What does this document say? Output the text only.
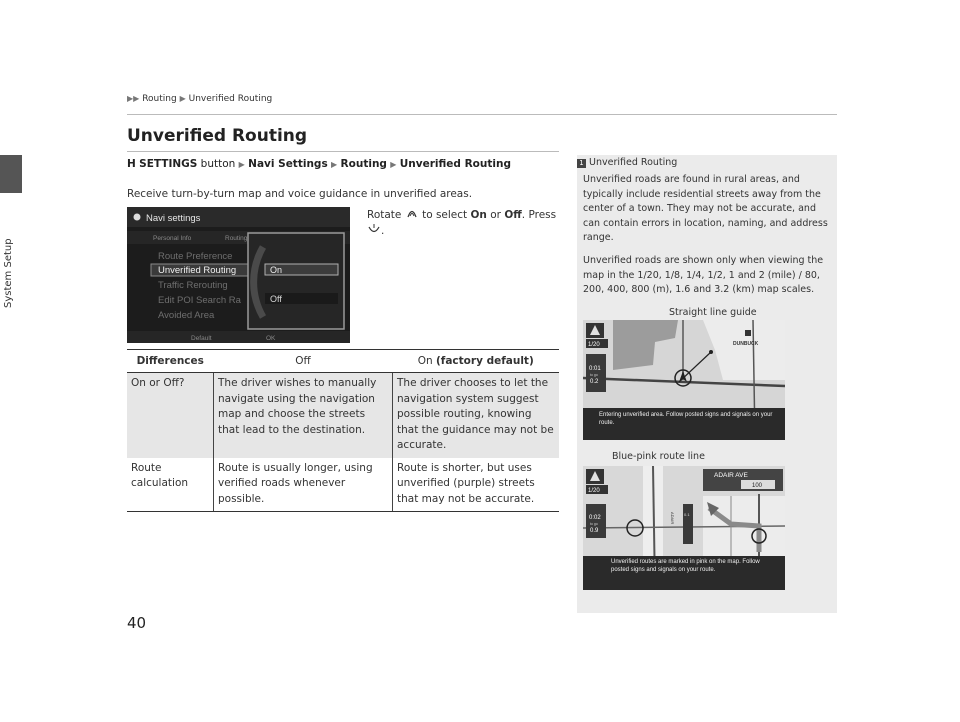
System Setup
▶▶ Routing ▶ Unverified Routing
Unverified Routing
H SETTINGS button ▶ Navi Settings ▶ Routing ▶ Unverified Routing
Receive turn-by-turn map and voice guidance in unverified areas.
Navi settings
Personal Info	Routing
Route Preference
Unverified Routing
Traffic Rerouting
Edit POI Search Ra
Avoided Area
On
Off
Default	OK
Rotate to select On or Off. Press .
Differences	Off	On (factory default)
On or Off?	The driver wishes to manually navigate using the navigation map and choose the streets that lead to the destination.	The driver chooses to let the navigation system suggest possible routing, knowing that the guidance may not be accurate.
Route calculation	Route is usually longer, using verified roads whenever possible.	Route is shorter, but uses unverified (purple) streets that may not be accurate.
1 Unverified Routing

Unverified roads are found in rural areas, and typically include residential streets away from the center of a town. They may not be accurate, and can contain errors in location, naming, and address range.

Unverified roads are shown only when viewing the map in the 1/20, 1/8, 1/4, 1/2, 1 and 2 (mile) / 80, 200, 400, 800 (m), 1.6 and 3.2 (km) map scales.

Straight line guide
DUNBUCK
1/20
0:01
to go
0.2
Entering unverified area. Follow posted signs and signals on your route.
Blue-pink route line
0.1
ADAIR
ADAIR AVE
100
1/20
0:02
to go
0.9
Unverified routes are marked in pink on the map. Follow posted signs and signals on your route.

40
